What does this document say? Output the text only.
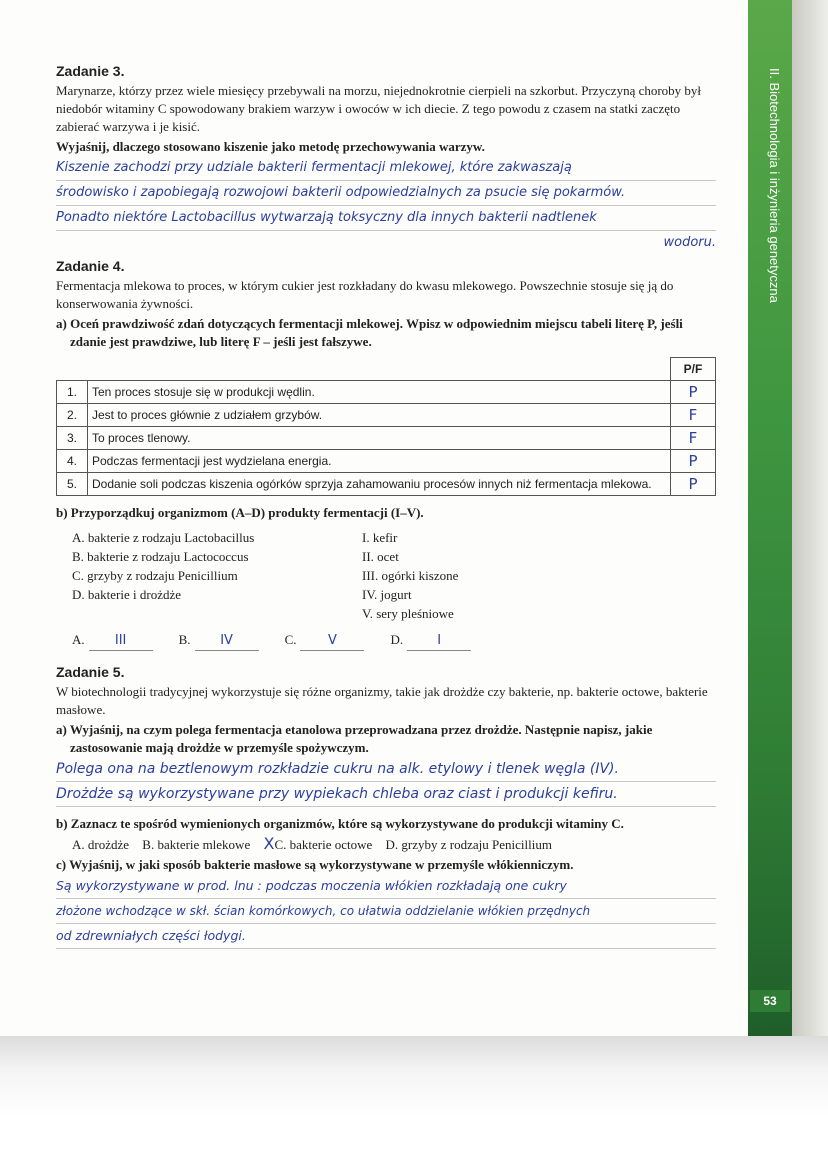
II. Biotechnologia i inżynieria genetyczna
53
Zadanie 3.

Marynarze, którzy przez wiele miesięcy przebywali na morzu, niejednokrotnie cierpieli na szkorbut. Przyczyną choroby był niedobór witaminy C spowodowany brakiem warzyw i owoców w ich diecie. Z tego powodu z czasem na statki zaczęto zabierać warzywa i je kisić.

Wyjaśnij, dlaczego stosowano kiszenie jako metodę przechowywania warzyw.

Kiszenie zachodzi przy udziale bakterii fermentacji mlekowej, które zakwaszają
środowisko i zapobiegają rozwojowi bakterii odpowiedzialnych za psucie się pokarmów.
Ponadto niektóre Lactobacillus wytwarzają toksyczny dla innych bakterii nadtlenek
wodoru.
Zadanie 4.

Fermentacja mlekowa to proces, w którym cukier jest rozkładany do kwasu mlekowego. Powszechnie stosuje się ją do konserwowania żywności.

a) Oceń prawdziwość zdań dotyczących fermentacji mlekowej. Wpisz w odpowiednim miejscu tabeli literę P, jeśli zdanie jest prawdziwe, lub literę F – jeśli jest fałszywe.

		P/F
1.	Ten proces stosuje się w produkcji wędlin.	P
2.	Jest to proces głównie z udziałem grzybów.	F
3.	To proces tlenowy.	F
4.	Podczas fermentacji jest wydzielana energia.	P
5.	Dodanie soli podczas kiszenia ogórków sprzyja zahamowaniu procesów innych niż fermentacja mlekowa.	P

b) Przyporządkuj organizmom (A–D) produkty fermentacji (I–V).

A. bakterie z rodzaju Lactobacillus
B. bakterie z rodzaju Lactococcus
C. grzyby z rodzaju Penicillium
D. bakterie i drożdże
I. kefir
II. ocet
III. ogórki kiszone
IV. jogurt
V. sery pleśniowe
A. III	B. IV	C. V	D.	I
Zadanie 5.

W biotechnologii tradycyjnej wykorzystuje się różne organizmy, takie jak drożdże czy bakterie, np. bakterie octowe, bakterie masłowe.

a) Wyjaśnij, na czym polega fermentacja etanolowa przeprowadzana przez drożdże. Następnie napisz, jakie zastosowanie mają drożdże w przemyśle spożywczym.

Polega ona na beztlenowym rozkładzie cukru na alk. etylowy i tlenek węgla (IV).
Drożdże są wykorzystywane przy wypiekach chleba oraz ciast i produkcji kefiru.

b) Zaznacz te spośród wymienionych organizmów, które są wykorzystywane do produkcji witaminy C.

A. drożdże B. bakterie mlekowe XC. bakterie octowe D. grzyby z rodzaju Penicillium

c) Wyjaśnij, w jaki sposób bakterie masłowe są wykorzystywane w przemyśle włókienniczym.

Są wykorzystywane w prod. lnu : podczas moczenia włókien rozkładają one cukry
złożone wchodzące w skł. ścian komórkowych, co ułatwia oddzielanie włókien przędnych
od zdrewniałych części łodygi.
